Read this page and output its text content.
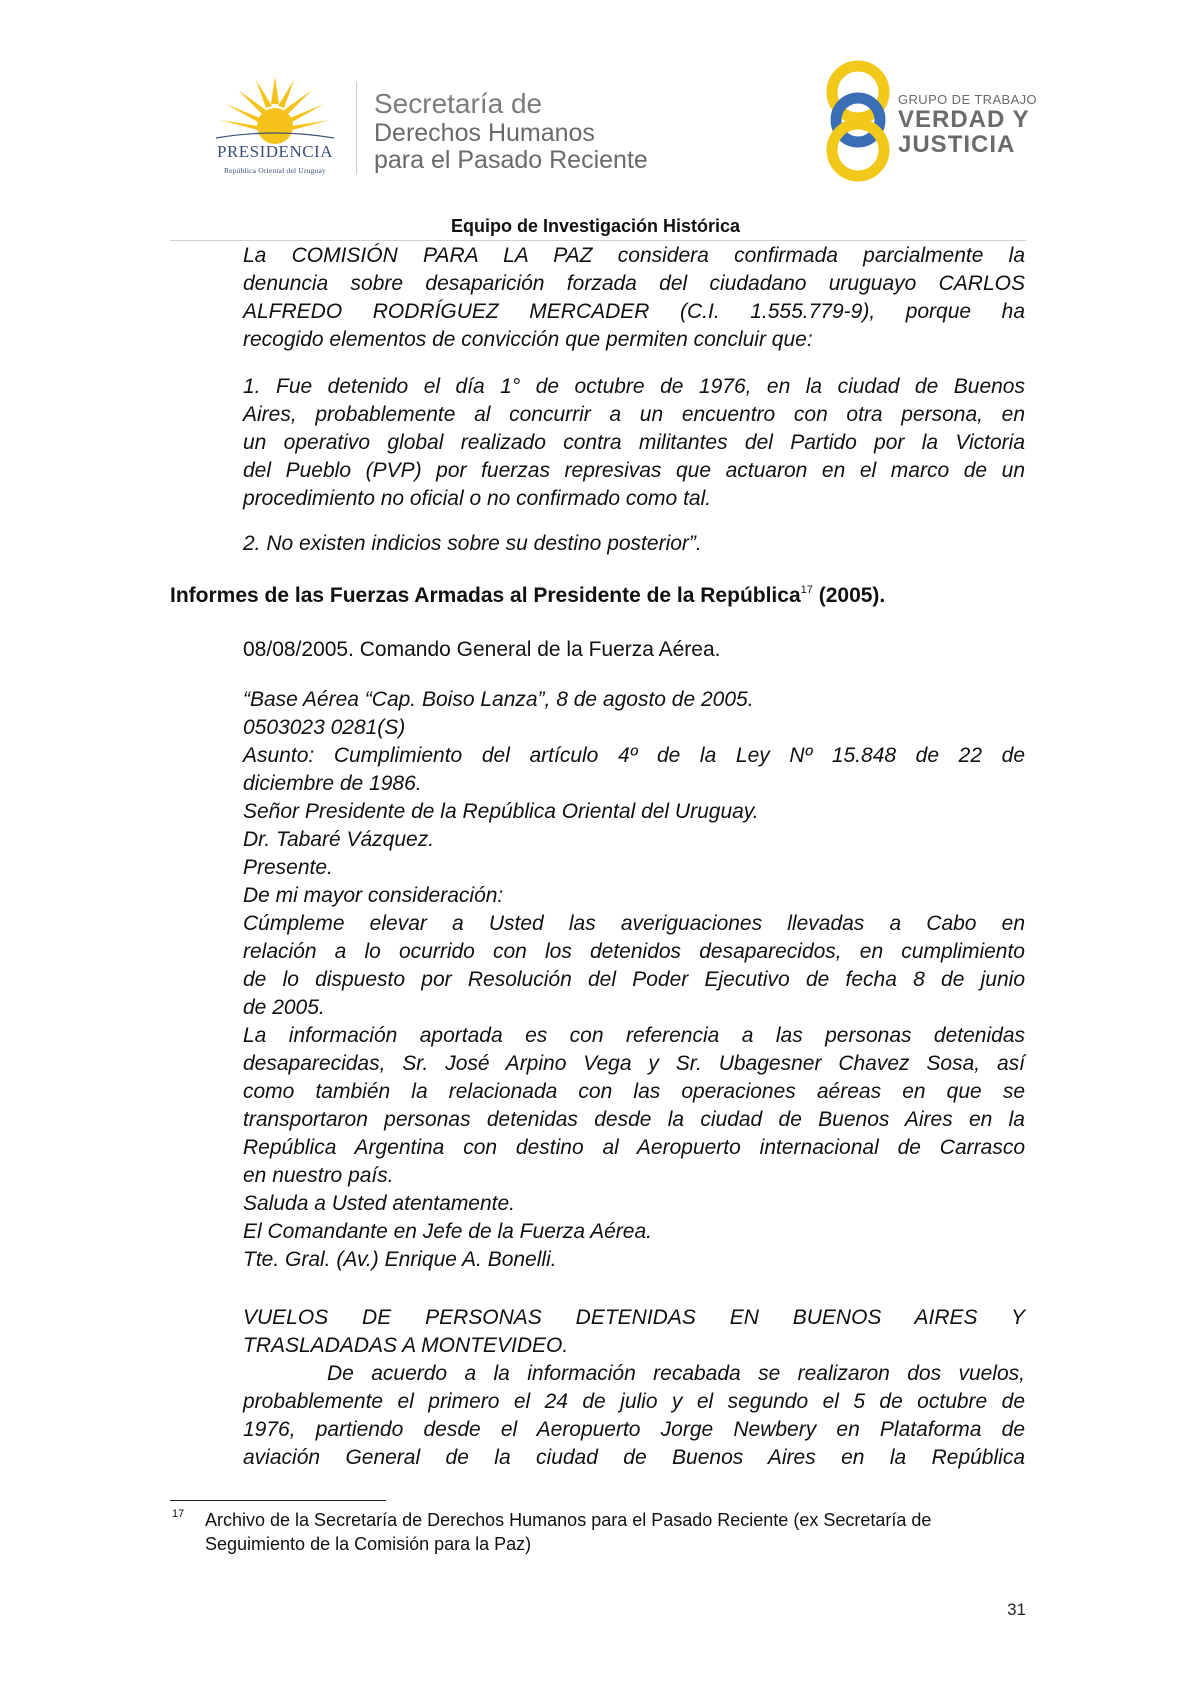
PRESIDENCIA
República Oriental del Uruguay
Secretaría de
Derechos Humanos
para el Pasado Reciente
GRUPO DE TRABAJO
VERDAD Y
JUSTICIA
Equipo de Investigación Histórica
La COMISIÓN PARA LA PAZ considera confirmada parcialmente la
denuncia sobre desaparición forzada del ciudadano uruguayo CARLOS
ALFREDO RODRÍGUEZ MERCADER (C.I. 1.555.779-9), porque ha
recogido elementos de convicción que permiten concluir que:
1. Fue detenido el día 1° de octubre de 1976, en la ciudad de Buenos
Aires, probablemente al concurrir a un encuentro con otra persona, en
un operativo global realizado contra militantes del Partido por la Victoria
del Pueblo (PVP) por fuerzas represivas que actuaron en el marco de un
procedimiento no oficial o no confirmado como tal.
2. No existen indicios sobre su destino posterior”.
Informes de las Fuerzas Armadas al Presidente de la República$^{17}$ (2005).
08/08/2005. Comando General de la Fuerza Aérea.
“Base Aérea “Cap. Boiso Lanza”, 8 de agosto de 2005.
0503023 0281(S)
Asunto: Cumplimiento del artículo 4º de la Ley Nº 15.848 de 22 de
diciembre de 1986.
Señor Presidente de la República Oriental del Uruguay.
Dr. Tabaré Vázquez.
Presente.
De mi mayor consideración:
Cúmpleme elevar a Usted las averiguaciones llevadas a Cabo en
relación a lo ocurrido con los detenidos desaparecidos, en cumplimiento
de lo dispuesto por Resolución del Poder Ejecutivo de fecha 8 de junio
de 2005.
La información aportada es con referencia a las personas detenidas
desaparecidas, Sr. José Arpino Vega y Sr. Ubagesner Chavez Sosa, así
como también la relacionada con las operaciones aéreas en que se
transportaron personas detenidas desde la ciudad de Buenos Aires en la
República Argentina con destino al Aeropuerto internacional de Carrasco
en nuestro país.
Saluda a Usted atentamente.
El Comandante en Jefe de la Fuerza Aérea.
Tte. Gral. (Av.) Enrique A. Bonelli.
VUELOS DE PERSONAS DETENIDAS EN BUENOS AIRES Y
TRASLADADAS A MONTEVIDEO.
De acuerdo a la información recabada se realizaron dos vuelos,
probablemente el primero el 24 de julio y el segundo el 5 de octubre de
1976, partiendo desde el Aeropuerto Jorge Newbery en Plataforma de
aviación General de la ciudad de Buenos Aires en la República
17 Archivo de la Secretaría de Derechos Humanos para el Pasado Reciente (ex Secretaría de
Seguimiento de la Comisión para la Paz)
31
